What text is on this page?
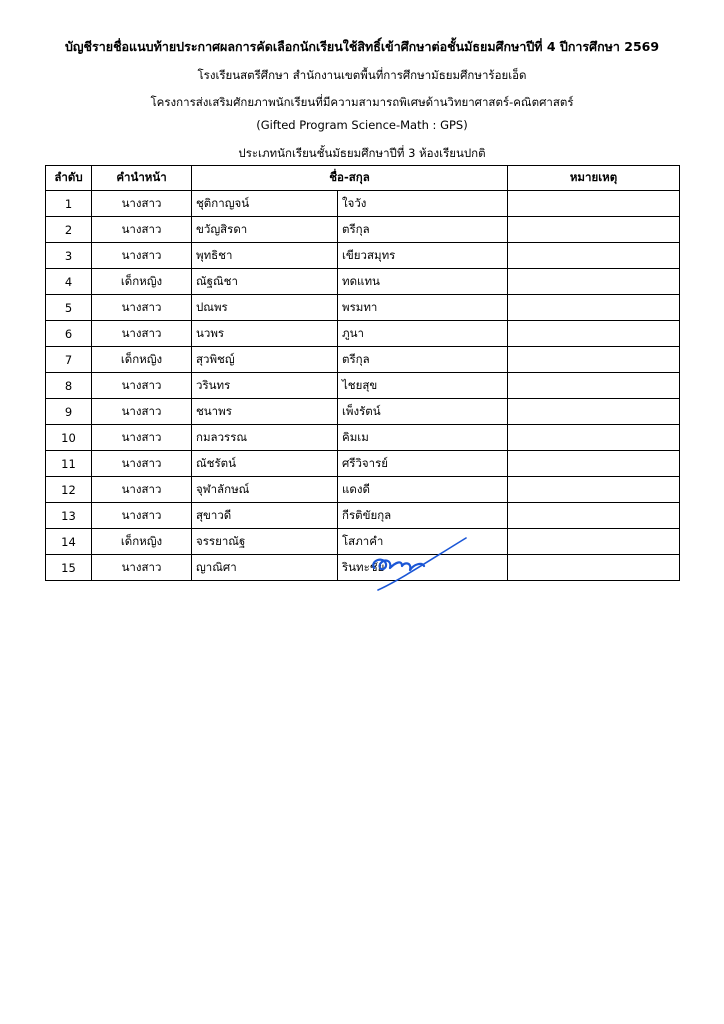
บัญชีรายชื่อแนบท้ายประกาศผลการคัดเลือกนักเรียนใช้สิทธิ์เข้าศึกษาต่อชั้นมัธยมศึกษาปีที่ 4 ปีการศึกษา 2569
โรงเรียนสตรีศึกษา สำนักงานเขตพื้นที่การศึกษามัธยมศึกษาร้อยเอ็ด
โครงการส่งเสริมศักยภาพนักเรียนที่มีความสามารถพิเศษด้านวิทยาศาสตร์-คณิตศาสตร์
(Gifted Program Science-Math : GPS)
ประเภทนักเรียนชั้นมัธยมศึกษาปีที่ 3 ห้องเรียนปกติ
ลำดับ	คำนำหน้า	ชื่อ-สกุล		หมายเหตุ
1	นางสาว	ชุติกาญจน์	ใจวัง	
2	นางสาว	ขวัญสิรดา	ตรีกุล	
3	นางสาว	พุทธิชา	เขียวสมุทร	
4	เด็กหญิง	ณัฐณิชา	ทดแทน	
5	นางสาว	ปณพร	พรมทา	
6	นางสาว	นวพร	ภูนา	
7	เด็กหญิง	สุวพิชญ์	ตรีกุล	
8	นางสาว	วรินทร	ไชยสุข	
9	นางสาว	ชนาพร	เพ็งรัตน์	
10	นางสาว	กมลวรรณ	คิมเม	
11	นางสาว	ณัชรัตน์	ศรีวิจารย์	
12	นางสาว	จุฬาลักษณ์	แดงดี	
13	นางสาว	สุขาวดี	กีรติขัยกุล	
14	เด็กหญิง	จรรยาณัฐ	โสภาคำ	
15	นางสาว	ญาณิศา	รินทะชัย	
